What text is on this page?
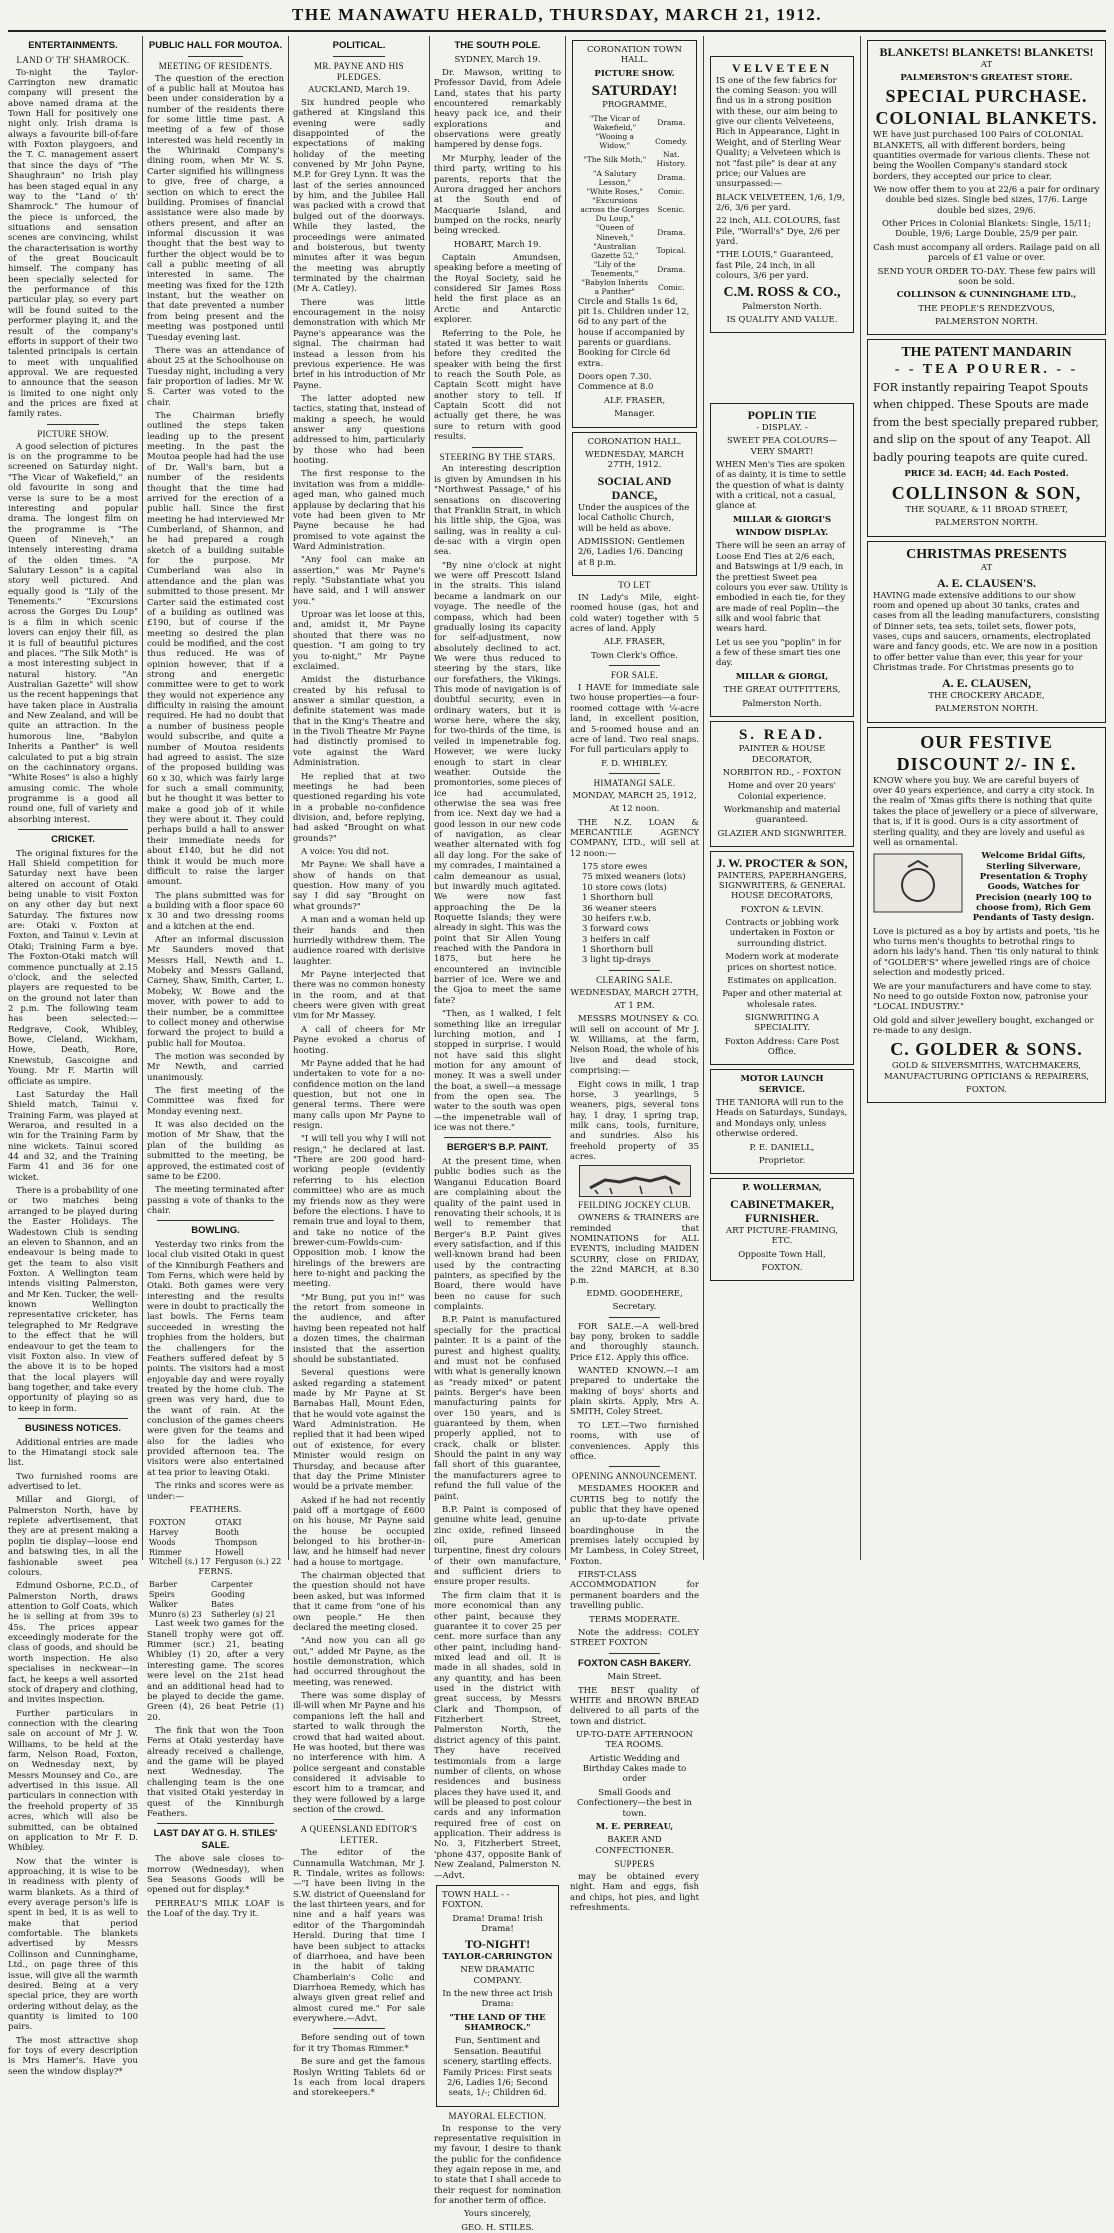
THE MANAWATU HERALD, THURSDAY, MARCH 21, 1912.
ENTERTAINMENTS.
LAND O' TH' SHAMROCK.

To-night the Taylor-Carrington new dramatic company will present the above named drama at the Town Hall for positively one night only. Irish drama is always a favourite bill-of-fare with Foxton playgoers, and the T. C. management assert that since the days of "The Shaughraun" no Irish play has been staged equal in any way to the "Land o' th' Shamrock." The humour of the piece is unforced, the situations and sensation scenes are convincing, whilst the characterisation is worthy of the great Boucicault himself. The company has been specially selected for the performance of this particular play, so every part will be found suited to the performer playing it, and the result of the company's efforts in support of their two talented principals is certain to meet with unqualified approval. We are requested to announce that the season is limited to one night only and the prices are fixed at family rates.

PICTURE SHOW.

A good selection of pictures is on the programme to be screened on Saturday night. "The Vicar of Wakefield," an old favourite in song and verse is sure to be a most interesting and popular drama. The longest film on the programme is "The Queen of Nineveh," an intensely interesting drama of the olden times. "A Salutary Lesson" is a capital story well pictured. And equally good is "Lily of the Tenements." "Excursions across the Gorges Du Loup" is a film in which scenic lovers can enjoy their fill, as it is full of beautiful pictures and places. "The Silk Moth" is a most interesting subject in natural history. "An Australian Gazette" will show us the recent happenings that have taken place in Australia and New Zealand, and will be quite an attraction. In the humorous line, "Babylon Inherits a Panther" is well calculated to put a big strain on the cachinnatory organs. "White Roses" is also a highly amusing comic. The whole programme is a good all round one, full of variety and absorbing interest.

CRICKET.

The original fixtures for the Hall Shield competition for Saturday next have been altered on account of Otaki being unable to visit Foxton on any other day but next Saturday. The fixtures now are: Otaki v. Foxton at Foxton, and Tainui v. Levin at Otaki; Training Farm a bye. The Foxton-Otaki match will commence punctually at 2.15 o'clock, and the selected players are requested to be on the ground not later than 2 p.m. The following team has been selected:— Redgrave, Cook, Whibley, Bowe, Cleland, Wickham, Howe, Death, Rore, Knewstub, Gascoigne and Young. Mr F. Martin will officiate as umpire.

Last Saturday the Hall Shield match, Tainui v. Training Farm, was played at Weraroa, and resulted in a win for the Training Farm by nine wickets. Tainui scored 44 and 32, and the Training Farm 41 and 36 for one wicket.

There is a probability of one or two matches being arranged to be played during the Easter Holidays. The Wadestown Club is sending an eleven to Shannon, and an endeavour is being made to get the team to also visit Foxton. A Wellington team intends visiting Palmerston, and Mr Ken. Tucker, the well-known Wellington representative cricketer, has telegraphed to Mr Redgrave to the effect that he will endeavour to get the team to visit Foxton also. In view of the above it is to be hoped that the local players will bang together, and take every opportunity of playing so as to keep in form.

BUSINESS NOTICES.

Additional entries are made to the Himatangi stock sale list.

Two furnished rooms are advertised to let.

Millar and Giorgi, of Palmerston North, have by replete advertisement, that they are at present making a poplin tie display—loose end and batswing ties, in all the fashionable sweet pea colours.

Edmund Osborne, P.C.D., of Palmerston North, draws attention to Golf Coats, which he is selling at from 39s to 45s. The prices appear exceedingly moderate for the class of goods, and should be worth inspection. He also specialises in neckwear—in fact, he keeps a well assorted stock of drapery and clothing, and invites inspection.

Further particulars in connection with the clearing sale on account of Mr J. W. Williams, to be held at the farm, Nelson Road, Foxton, on Wednesday next, by Messrs Mounsey and Co., are advertised in this issue. All particulars in connection with the freehold property of 35 acres, which will also be submitted, can be obtained on application to Mr F. D. Whibley.

Now that the winter is approaching, it is wise to be in readiness with plenty of warm blankets. As a third of every average person's life is spent in bed, it is as well to make that period comfortable. The blankets advertised by Messrs Collinson and Cunninghame, Ltd., on page three of this issue, will give all the warmth desired. Being at a very special price, they are worth ordering without delay, as the quantity is limited to 100 pairs.

The most attractive shop for toys of every description is Mrs Hamer's. Have you seen the window display?*

PUBLIC HALL FOR MOUTOA.
MEETING OF RESIDENTS.

The question of the erection of a public hall at Moutoa has been under consideration by a number of the residents there for some little time past. A meeting of a few of those interested was held recently in the Whirinaki Company's dining room, when Mr W. S. Carter signified his willingness to give, free of charge, a section on which to erect the building. Promises of financial assistance were also made by others present, and after an informal discussion it was thought that the best way to further the object would be to call a public meeting of all interested in same. The meeting was fixed for the 12th instant, but the weather on that date prevented a number from being present and the meeting was postponed until Tuesday evening last.

There was an attendance of about 25 at the Schoolhouse on Tuesday night, including a very fair proportion of ladies. Mr W. S. Carter was voted to the chair.

The Chairman briefly outlined the steps taken leading up to the present meeting. In the past the Moutoa people had had the use of Dr. Wall's barn, but a number of the residents thought that the time had arrived for the erection of a public hall. Since the first meeting he had interviewed Mr Cumberland, of Shannon, and he had prepared a rough sketch of a building suitable for the purpose. Mr Cumberland was also in attendance and the plan was submitted to those present. Mr Carter said the estimated cost of a building as outlined was £190, but of course if the meeting so desired the plan could be modified, and the cost thus reduced. He was of opinion however, that if a strong and energetic committee were to get to work they would not experience any difficulty in raising the amount required. He had no doubt that a number of business people would subscribe, and quite a number of Moutoa residents had agreed to assist. The size of the proposed building was 60 x 30, which was fairly large for such a small community, but he thought it was better to make a good job of it while they were about it. They could perhaps build a hall to answer their immediate needs for about £140, but he did not think it would be much more difficult to raise the larger amount.

The plans submitted was for a building with a floor space 60 x 30 and two dressing rooms and a kitchen at the end.

After an informal discussion Mr Saunders moved that Messrs Hall, Newth and L. Mobeky and Messrs Galland, Carney, Shaw, Smith, Carter, L. Mobeky, W. Bowe and the mover, with power to add to their number, be a committee to collect money and otherwise forward the project to build a public hall for Moutoa.

The motion was seconded by Mr Newth, and carried unanimously.

The first meeting of the Committee was fixed for Monday evening next.

It was also decided on the motion of Mr Shaw, that the plan of the building as submitted to the meeting, be approved, the estimated cost of same to be £200.

The meeting terminated after passing a vote of thanks to the chair.

BOWLING.

Yesterday two rinks from the local club visited Otaki in quest of the Kinniburgh Feathers and Tom Ferns, which were held by Otaki. Both games were very interesting and the results were in doubt to practically the last bowls. The Ferns team succeeded in wresting the trophies from the holders, but the challengers for the Feathers suffered defeat by 5 points. The visitors had a most enjoyable day and were royally treated by the home club. The green was very hard, due to the want of rain. At the conclusion of the games cheers were given for the teams and also for the ladies who provided afternoon tea. The visitors were also entertained at tea prior to leaving Otaki.

The rinks and scores were as under:—

FEATHERS.

FOXTON	OTAKI
Harvey	Booth
Woods	Thompson
Rimmer	Howell
Witchell (s.) 17	Ferguson (s.) 22

FERNS.

Barber	Carpenter
Speirs	Gooding
Walker	Bates
Munro (s) 23	Satherley (s) 21

Last week two games for the Stanell trophy were got off. Rimmer (scr.) 21, beating Whibley (1) 20, after a very interesting game. The scores were level on the 21st head and an additional head had to be played to decide the game. Green (4), 26 beat Petrie (1) 20.

The fink that won the Toon Ferns at Otaki yesterday have already received a challenge, and the game will be played next Wednesday. The challenging team is the one that visited Otaki yesterday in quest of the Kinniburgh Feathers.

LAST DAY AT G. H. STILES' SALE.

The above sale closes to-morrow (Wednesday), when Sea Seasons Goods will be opened out for display.*

PERREAU'S MILK LOAF is the Loaf of the day. Try it.

POLITICAL.
MR. PAYNE AND HIS PLEDGES.

AUCKLAND, March 19.

Six hundred people who gathered at Kingsland this evening were sadly disappointed of the expectations of making holiday of the meeting convened by Mr John Payne, M.P. for Grey Lynn. It was the last of the series announced by him, and the Jubilee Hall was packed with a crowd that bulged out of the doorways. While they lasted, the proceedings were animated and boisterous, but twenty minutes after it was begun the meeting was abruptly terminated by the chairman (Mr A. Catley).

There was little encouragement in the noisy demonstration with which Mr Payne's appearance was the signal. The chairman had instead a lesson from his previous experience. He was brief in his introduction of Mr Payne.

The latter adopted new tactics, stating that, instead of making a speech, he would answer any questions addressed to him, particularly by those who had been hooting.

The first response to the invitation was from a middle-aged man, who gained much applause by declaring that his vote had been given to Mr Payne because he had promised to vote against the Ward Administration.

"Any fool can make an assertion," was Mr Payne's reply. "Substantiate what you have said, and I will answer you."

Uproar was let loose at this, and, amidst it, Mr Payne shouted that there was no question. "I am going to try you to-night," Mr Payne exclaimed.

Amidst the disturbance created by his refusal to answer a similar question, a definite statement was made that in the King's Theatre and in the Tivoli Theatre Mr Payne had distinctly promised to vote against the Ward Administration.

He replied that at two meetings he had been questioned regarding his vote in a probable no-confidence division, and, before replying, had asked "Brought on what grounds?"

A voice: You did not.

Mr Payne: We shall have a show of hands on that question. How many of you say I did say "Brought on what grounds?"

A man and a woman held up their hands and then hurriedly withdrew them. The audience roared with derisive laughter.

Mr Payne interjected that there was no common honesty in the room, and at that cheers were given with great vim for Mr Massey.

A call of cheers for Mr Payne evoked a chorus of hooting.

Mr Payne added that he had undertaken to vote for a no-confidence motion on the land question, but not one in general terms. There were many calls upon Mr Payne to resign.

"I will tell you why I will not resign," he declared at last. "There are 200 good hard-working people (evidently referring to his election committee) who are as much my friends now as they were before the elections. I have to remain true and loyal to them, and take no notice of the brewer-cum-Fowlds-cum-Opposition mob. I know the hirelings of the brewers are here to-night and packing the meeting.

"Mr Bung, put you in!" was the retort from someone in the audience, and after having been repeated not half a dozen times, the chairman insisted that the assertion should be substantiated.

Several questions were asked regarding a statement made by Mr Payne at St Barnabas Hall, Mount Eden, that he would vote against the Ward Administration. He replied that it had been wiped out of existence, for every Minister would resign on Thursday, and because after that day the Prime Minister would be a private member.

Asked if he had not recently paid off a mortgage of £600 on his house, Mr Payne said the house be occupied belonged to his brother-in-law, and he himself had never had a house to mortgage.

The chairman objected that the question should not have been asked, but was informed that it came from "one of his own people." He then declared the meeting closed.

"And now you can all go out," added Mr Payne, as the hostile demonstration, which had occurred throughout the meeting, was renewed.

There was some display of ill-will when Mr Payne and his companions left the hall and started to walk through the crowd that had waited about. He was hooted, but there was no interference with him. A police sergeant and constable considered it advisable to escort him to a tramcar, and they were followed by a large section of the crowd.

A QUEENSLAND EDITOR'S LETTER.

The editor of the Cunnamulla Watchman, Mr J. R. Tindale, writes as follows:—"I have been living in the S.W. district of Queensland for the last thirteen years, and for nine and a half years was editor of the Thargomindah Herald. During that time I have been subject to attacks of diarrhoea, and have been in the habit of taking Chamberlain's Colic and Diarrhoea Remedy, which has always given great relief and almost cured me." For sale everywhere.—Advt.

Before sending out of town for it try Thomas Rimmer.*

Be sure and get the famous Roslyn Writing Tablets 6d or 1s each from local drapers and storekeepers.*

THE SOUTH POLE.

SYDNEY, March 19.

Dr. Mawson, writing to Professor David, from Adele Land, states that his party encountered remarkably heavy pack ice, and their explorations and observations were greatly hampered by dense fogs.

Mr Murphy, leader of the third party, writing to his parents, reports that the Aurora dragged her anchors at the South end of Macquarie Island, and bumped on the rocks, nearly being wrecked.

HOBART, March 19.

Captain Amundsen, speaking before a meeting of the Royal Society, said he considered Sir James Ross held the first place as an Arctic and Antarctic explorer.

Referring to the Pole, he stated it was better to wait before they credited the speaker with being the first to reach the South Pole, as Captain Scott might have another story to tell. If Captain Scott did not actually get there, he was sure to return with good results.

STEERING BY THE STARS.

An interesting description is given by Amundsen in his "Northwest Passage," of his sensations on discovering that Franklin Strait, in which his little ship, the Gjoa, was sailing, was in reality a cul-de-sac with a virgin open sea.

"By nine o'clock at night we were off Prescott Island in the straits. This island became a landmark on our voyage. The needle of the compass, which had been gradually losing its capacity for self-adjustment, now absolutely declined to act. We were thus reduced to steering by the stars, like our forefathers, the Vikings. This mode of navigation is of doubtful security, even in ordinary waters, but it is worse here, where the sky, for two-thirds of the time, is veiled in impenetrable fog. However, we were lucky enough to start in clear weather. Outside the promontories, some pieces of ice had accumulated, otherwise the sea was free from ice. Next day we had a good lesson in our new code of navigation, as clear weather alternated with fog all day long. For the sake of my comrades, I maintained a calm demeanour as usual, but inwardly much agitated. We were now fast approaching the De la Roquette Islands; they were already in sight. This was the point that Sir Allen Young reached with the Pandora in 1875, but here he encountered an invincible barrier of ice. Were we and the Gjoa to meet the same fate?

"Then, as I walked, I felt something like an irregular lurching motion, and I stopped in surprise. I would not have said this slight motion for any amount of money. It was a swell under the boat, a swell—a message from the open sea. The water to the south was open—the impenetrable wall of ice was not there."

BERGER'S B.P. PAINT.

At the present time, when public bodies such as the Wanganui Education Board are complaining about the quality of the paint used in renovating their schools, it is well to remember that Berger's B.P. Paint gives every satisfaction, and if this well-known brand had been used by the contracting painters, as specified by the Board, there would have been no cause for such complaints.

B.P. Paint is manufactured specially for the practical painter. It is a paint of the purest and highest quality, and must not be confused with what is generally known as "ready mixed" or patent paints. Berger's have been manufacturing paints for over 150 years, and is guaranteed by them, when properly applied, not to crack, chalk or blister. Should the paint in any way fall short of this guarantee, the manufacturers agree to refund the full value of the paint.

B.P. Paint is composed of genuine white lead, genuine zinc oxide, refined linseed oil, pure American turpentine, finest dry colours of their own manufacture, and sufficient driers to ensure proper results.

The firm claim that it is more economical than any other paint, because they guarantee it to cover 25 per cent. more surface than any other paint, including hand-mixed lead and oil. It is made in all shades, sold in any quantity, and has been used in the district with great success, by Messrs Clark and Thompson, of Fitzherbert Street, Palmerston North, the district agency of this paint. They have received testimonials from a large number of clients, on whose residences and business places they have used it, and will be pleased to post colour cards and any information required free of cost on application. Their address is No. 3, Fitzherbert Street, 'phone 437, opposite Bank of New Zealand, Palmerston N.—Advt.

TOWN HALL - - FOXTON.

Drama! Drama! Irish Drama!

TO-NIGHT!

TAYLOR-CARRINGTON

NEW DRAMATIC COMPANY.

In the new three act Irish Drama:

"THE LAND OF THE SHAMROCK."

Fun, Sentiment and Sensation. Beautiful scenery, startling effects. Family Prices: First seats 2/6, Ladies 1/6; Second seats, 1/-; Children 6d.

MAYORAL ELECTION.

In response to the very representative requisition in my favour, I desire to thank the public for the confidence they again repose in me, and to state that I shall accede to their request for nomination for another term of office.

Yours sincerely,

GEO. H. STILES.

CORONATION TOWN HALL.

PICTURE SHOW.

SATURDAY!

PROGRAMME.

"The Vicar of Wakefield,"	Drama.
"Wooing a Widow,"	Comedy.
"The Silk Moth,"	Nat. History.
"A Salutary Lesson,"	Drama.
"White Roses,"	Comic.
"Excursions across the Gorges Du Loup,"	Scenic.
"Queen of Nineveh,"	Drama.
"Australian Gazette 52,"	Topical.
"Lily of the Tenements,"	Drama.
"Babylon Inherits a Panther"	Comic.

Circle and Stalls 1s 6d, pit 1s. Children under 12, 6d to any part of the house if accompanied by parents or guardians. Booking for Circle 6d extra.

Doors open 7.30. Commence at 8.0

ALF. FRASER,

Manager.

CORONATION HALL.

WEDNESDAY, MARCH 27TH, 1912.

SOCIAL AND DANCE,

Under the auspices of the local Catholic Church, will be held as above.

ADMISSION: Gentlemen 2/6, Ladies 1/6. Dancing at 8 p.m.

TO LET

IN Lady's Mile, eight-roomed house (gas, hot and cold water) together with 5 acres of land. Apply

ALF. FRASER,

Town Clerk's Office.

FOR SALE.

I HAVE for immediate sale two house properties—a four-roomed cottage with ¼-acre land, in excellent position, and 5-roomed house and an acre of land. Two real snaps. For full particulars apply to

F. D. WHIBLEY.

HIMATANGI SALE.

MONDAY, MARCH 25, 1912,

At 12 noon.

THE N.Z. LOAN & MERCANTILE AGENCY COMPANY, LTD., will sell at 12 noon:—

175 store ewes
75 mixed weaners (lots)
10 store cows (lots)
1 Shorthorn bull
36 weaner steers
30 heifers r.w.b.
3 forward cows
3 heifers in calf
1 Shorthorn bull
3 light tip-drays
CLEARING SALE.

WEDNESDAY, MARCH 27TH,

AT 1 P.M.

MESSRS MOUNSEY & CO. will sell on account of Mr J. W. Williams, at the farm, Nelson Road, the whole of his live and dead stock, comprising:—

Eight cows in milk, 1 trap horse, 3 yearlings, 5 weaners, pigs, several tons hay, 1 dray, 1 spring trap, milk cans, tools, furniture, and sundries. Also his freehold property of 35 acres.

FEILDING JOCKEY CLUB.

OWNERS & TRAINERS are reminded that NOMINATIONS for ALL EVENTS, including MAIDEN SCURRY, close on FRIDAY, the 22nd MARCH, at 8.30 p.m.

EDMD. GOODEHERE,

Secretary.

FOR SALE.—A well-bred bay pony, broken to saddle and thoroughly staunch. Price £12. Apply this office.

WANTED KNOWN.—I am prepared to undertake the making of boys' shorts and plain skirts. Apply, Mrs A. SMITH, Coley Street.

TO LET.—Two furnished rooms, with use of conveniences. Apply this office.

OPENING ANNOUNCEMENT.

MESDAMES HOOKER and CURTIS beg to notify the public that they have opened an up-to-date private boardinghouse in the premises lately occupied by Mr Lambess, in Coley Street, Foxton.

FIRST-CLASS ACCOMMODATION for permanent boarders and the travelling public.

TERMS MODERATE.

Note the address: COLEY STREET FOXTON

FOXTON CASH BAKERY.

Main Street.

THE BEST quality of WHITE and BROWN BREAD delivered to all parts of the town and district.

UP-TO-DATE AFTERNOON TEA ROOMS.

Artistic Wedding and Birthday Cakes made to order

Small Goods and Confectionery—the best in town.

M. E. PERREAU,

BAKER AND CONFECTIONER.

SUPPERS

may be obtained every night. Ham and eggs, fish and chips, hot pies, and light refreshments.

VELVETEEN

IS one of the few fabrics for the coming Season: you will find us in a strong position with these, our aim being to give our clients Velveteens, Rich in Appearance, Light in Weight, and of Sterling Wear Quality; a Velveteen which is not "fast pile" is dear at any price; our Values are unsurpassed:—

BLACK VELVETEEN, 1/6, 1/9, 2/6, 3/6 per yard.

22 inch, ALL COLOURS, fast Pile, "Worrall's" Dye, 2/6 per yard.

"THE LOUIS," Guaranteed, fast Pile, 24 inch, in all colours, 3/6 per yard.

C.M. ROSS & CO.,

Palmerston North.

IS QUALITY AND VALUE.

POPLIN TIE

- DISPLAY. -

SWEET PEA COLOURS—VERY SMART!

WHEN Men's Ties are spoken of as dainty, it is time to settle the question of what is dainty with a critical, not a casual, glance at

MILLAR & GIORGI'S

WINDOW DISPLAY.

There will be seen an array of Loose End Ties at 2/6 each, and Batswings at 1/9 each, in the prettiest Sweet pea colours you ever saw. Utility is embodied in each tie, for they are made of real Poplin—the silk and wool fabric that wears hard.

Let us see you "poplin" in for a few of these smart ties one day.

MILLAR & GIORGI,

THE GREAT OUTFITTERS,

Palmerston North.

S. READ.

PAINTER & HOUSE DECORATOR,

NORBITON RD., - FOXTON

Home and over 20 years' Colonial experience.

Workmanship and material guaranteed.

GLAZIER AND SIGNWRITER.

J. W. PROCTER & SON,

PAINTERS, PAPERHANGERS, SIGNWRITERS, & GENERAL HOUSE DECORATORS,

FOXTON & LEVIN.

Contracts or jobbing work undertaken in Foxton or surrounding district.

Modern work at moderate prices on shortest notice.

Estimates on application.

Paper and other material at wholesale rates.

SIGNWRITING A SPECIALITY.

Foxton Address: Care Post Office.

MOTOR LAUNCH SERVICE.

THE TANIORA will run to the Heads on Saturdays, Sundays, and Mondays only, unless otherwise ordered.

P. E. DANIELL,

Proprietor.

P. WOLLERMAN,

CABINETMAKER,
FURNISHER.

ART PICTURE-FRAMING, ETC.

Opposite Town Hall,

FOXTON.

BLANKETS! BLANKETS! BLANKETS!

AT

PALMERSTON'S GREATEST STORE.

SPECIAL PURCHASE.
COLONIAL BLANKETS.

WE have just purchased 100 Pairs of COLONIAL BLANKETS, all with different borders, being quantities overmade for various clients. These not being the Woollen Company's standard stock borders, they accepted our price to clear.

We now offer them to you at 22/6 a pair for ordinary double bed sizes. Single bed sizes, 17/6. Large double bed sizes, 29/6.

Other Prices in Colonial Blankets: Single, 15/11; Double, 19/6; Large Double, 25/9 per pair.

Cash must accompany all orders. Railage paid on all parcels of £1 value or over.

SEND YOUR ORDER TO-DAY. These few pairs will soon be sold.

COLLINSON & CUNNINGHAME LTD.,

THE PEOPLE'S RENDEZVOUS,

PALMERSTON NORTH.

THE PATENT MANDARIN
- - TEA POURER. - -

FOR instantly repairing Teapot Spouts when chipped. These Spouts are made from the best specially prepared rubber, and slip on the spout of any Teapot. All badly pouring teapots are quite cured.

PRICE 3d. EACH; 4d. Each Posted.

COLLINSON & SON,

THE SQUARE, & 11 BROAD STREET,

PALMERSTON NORTH.

CHRISTMAS PRESENTS

AT

A. E. CLAUSEN'S.

HAVING made extensive additions to our show room and opened up about 30 tanks, crates and cases from all the leading manufacturers, consisting of Dinner sets, tea sets, toilet sets, flower pots, vases, cups and saucers, ornaments, electroplated ware and fancy goods, etc. We are now in a position to offer better value than ever, this year for your Christmas trade. For Christmas presents go to

A. E. CLAUSEN,

THE CROCKERY ARCADE,

PALMERSTON NORTH.

OUR FESTIVE DISCOUNT 2/- IN £.

KNOW where you buy. We are careful buyers of over 40 years experience, and carry a city stock. In the realm of 'Xmas gifts there is nothing that quite takes the place of jewellery or a piece of silverware, that is, if it is good. Ours is a city assortment of sterling quality, and they are lovely and useful as well as ornamental.

Welcome Bridal Gifts, Sterling Silverware, Presentation & Trophy Goods, Watches for Precision (nearly 10Q to choose from), Rich Gem Pendants of Tasty design.

Love is pictured as a boy by artists and poets, 'tis he who turns men's thoughts to betrothal rings to adorn his lady's hand. Then 'tis only natural to think of "GOLDER'S" where jewelled rings are of choice selection and modestly priced.

We are your manufacturers and have come to stay. No need to go outside Foxton now, patronise your "LOCAL INDUSTRY."

Old gold and silver jewellery bought, exchanged or re-made to any design.

C. GOLDER & SONS.

GOLD & SILVERSMITHS, WATCHMAKERS, MANUFACTURING OPTICIANS & REPAIRERS,

FOXTON.
